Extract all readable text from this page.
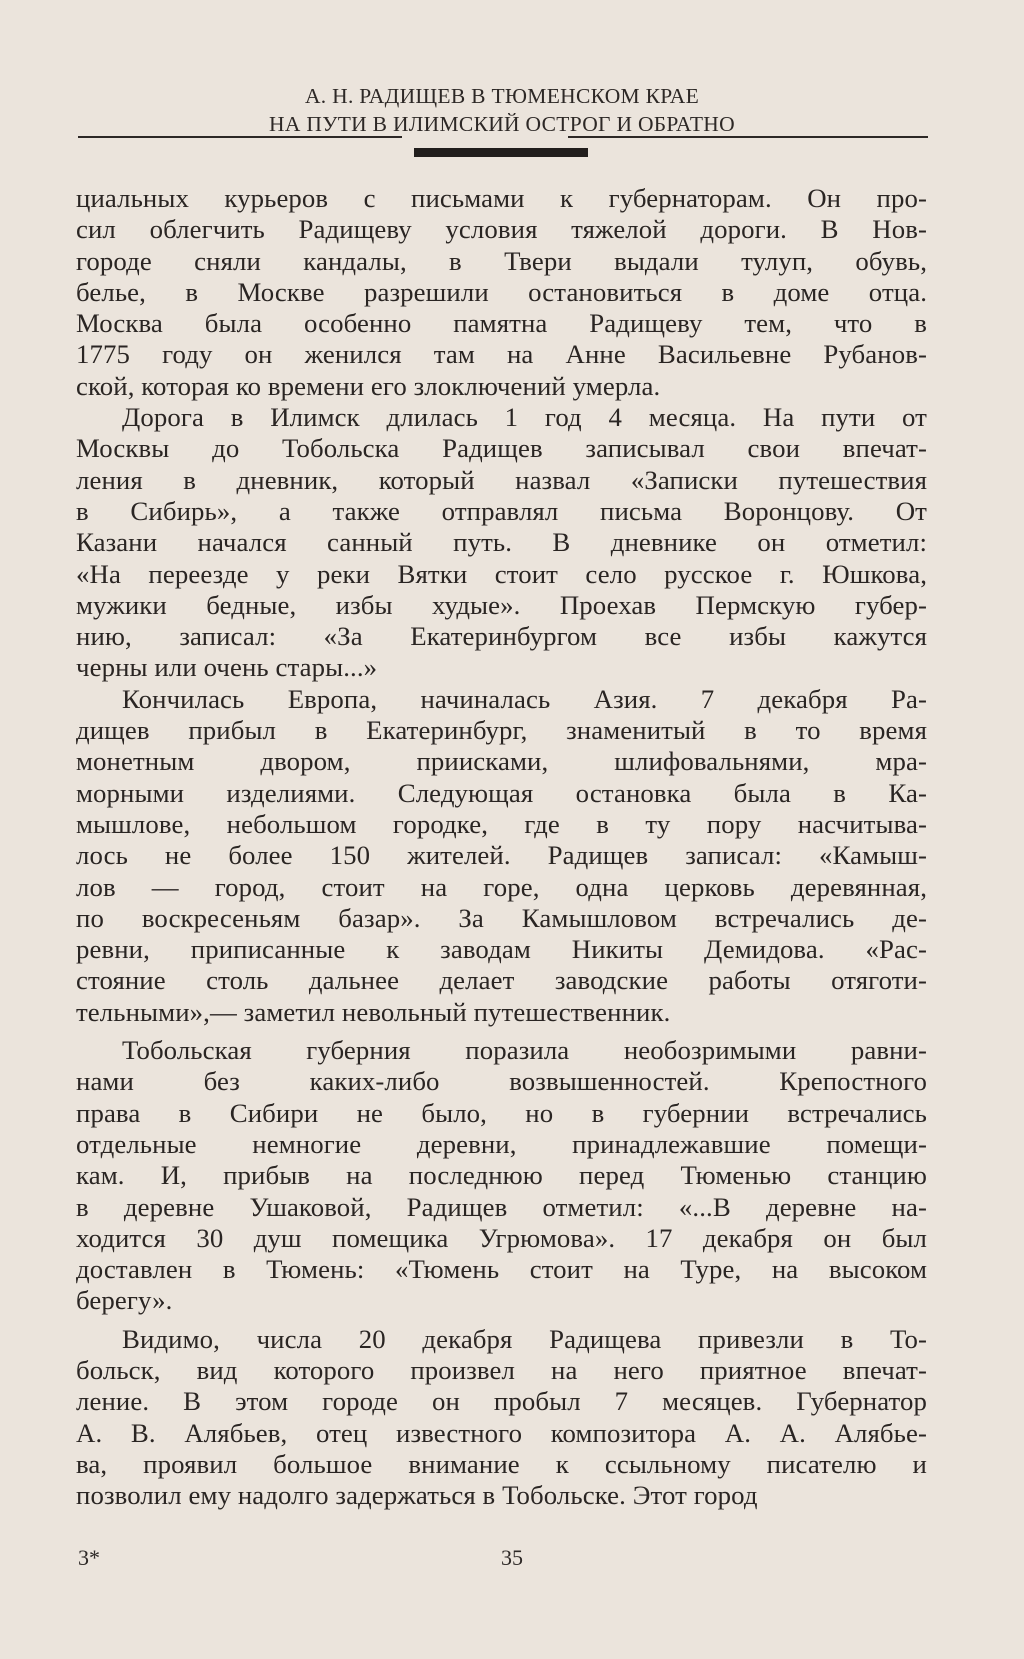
А. Н. РАДИЩЕВ В ТЮМЕНСКОМ КРАЕ
НА ПУТИ В ИЛИМСКИЙ ОСТРОГ И ОБРАТНО
циальных курьеров с письмами к губернаторам. Он про-
сил облегчить Радищеву условия тяжелой дороги. В Нов-
городе сняли кандалы, в Твери выдали тулуп, обувь,
белье, в Москве разрешили остановиться в доме отца.
Москва была особенно памятна Радищеву тем, что в
1775 году он женился там на Анне Васильевне Рубанов-
ской, которая ко времени его злоключений умерла.
Дорога в Илимск длилась 1 год 4 месяца. На пути от
Москвы до Тобольска Радищев записывал свои впечат-
ления в дневник, который назвал «Записки путешествия
в Сибирь», а также отправлял письма Воронцову. От
Казани начался санный путь. В дневнике он отметил:
«На переезде у реки Вятки стоит село русское г. Юшкова,
мужики бедные, избы худые». Проехав Пермскую губер-
нию, записал: «За Екатеринбургом все избы кажутся
черны или очень стары...»
Кончилась Европа, начиналась Азия. 7 декабря Ра-
дищев прибыл в Екатеринбург, знаменитый в то время
монетным двором, приисками, шлифовальнями, мра-
морными изделиями. Следующая остановка была в Ка-
мышлове, небольшом городке, где в ту пору насчитыва-
лось не более 150 жителей. Радищев записал: «Камыш-
лов — город, стоит на горе, одна церковь деревянная,
по воскресеньям базар». За Камышловом встречались де-
ревни, приписанные к заводам Никиты Демидова. «Рас-
стояние столь дальнее делает заводские работы отяготи-
тельными»,— заметил невольный путешественник.
Тобольская губерния поразила необозримыми равни-
нами без каких-либо возвышенностей. Крепостного
права в Сибири не было, но в губернии встречались
отдельные немногие деревни, принадлежавшие помещи-
кам. И, прибыв на последнюю перед Тюменью станцию
в деревне Ушаковой, Радищев отметил: «...В деревне на-
ходится 30 душ помещика Угрюмова». 17 декабря он был
доставлен в Тюмень: «Тюмень стоит на Туре, на высоком
берегу».
Видимо, числа 20 декабря Радищева привезли в То-
больск, вид которого произвел на него приятное впечат-
ление. В этом городе он пробыл 7 месяцев. Губернатор
А. В. Алябьев, отец известного композитора А. А. Алябье-
ва, проявил большое внимание к ссыльному писателю и
позволил ему надолго задержаться в Тобольске. Этот город
3*	35
